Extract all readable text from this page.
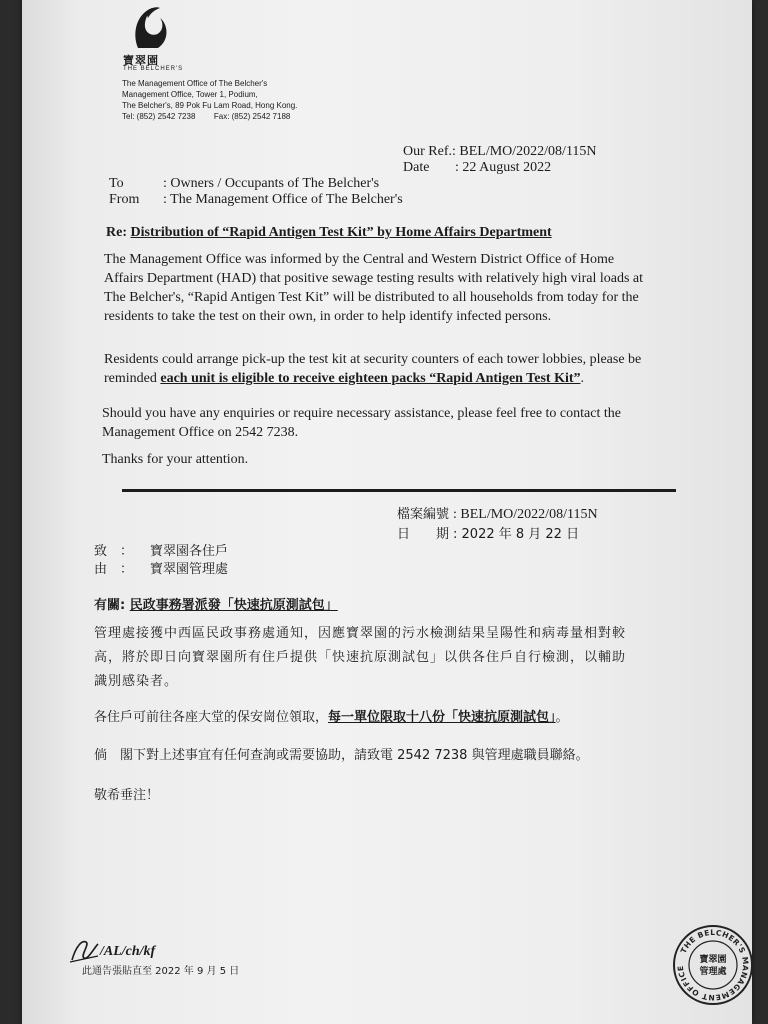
寶翠園
THE BELCHER'S
The Management Office of The Belcher's
Management Office, Tower 1, Podium,
The Belcher's, 89 Pok Fu Lam Road, Hong Kong.
Tel: (852) 2542 7238 Fax: (852) 2542 7188
Our Ref.: BEL/MO/2022/08/115N
Date : 22 August 2022
To	: Owners / Occupants of The Belcher's
From : The Management Office of The Belcher's
Re: Distribution of “Rapid Antigen Test Kit” by Home Affairs Department
The Management Office was informed by the Central and Western District Office of Home Affairs Department (HAD) that positive sewage testing results with relatively high viral loads at The Belcher's, “Rapid Antigen Test Kit” will be distributed to all households from today for the residents to take the test on their own, in order to help identify infected persons.
Residents could arrange pick-up the test kit at security counters of each tower lobbies, please be reminded each unit is eligible to receive eighteen packs “Rapid Antigen Test Kit”.
Should you have any enquiries or require necessary assistance, please feel free to contact the Management Office on 2542 7238.
Thanks for your attention.
檔案編號 : BEL/MO/2022/08/115N
日　　期 : 2022 年 8 月 22 日
致　： 寶翠園各住戶
由　： 寶翠園管理處
有關: 民政事務署派發「快速抗原測試包」
管理處接獲中西區民政事務處通知，因應寶翠園的污水檢測結果呈陽性和病毒量相對較高，將於即日向寶翠園所有住戶提供「快速抗原測試包」以供各住戶自行檢測，以輔助識別感染者。
各住戶可前往各座大堂的保安崗位領取，每一單位限取十八份「快速抗原測試包」。
倘　閣下對上述事宜有任何查詢或需要協助，請致電 2542 7238 與管理處職員聯絡。
敬希垂注！
/AL/ch/kf
此通告張貼直至 2022 年 9 月 5 日
THE BELCHER'S MANAGEMENT OFFICE
寶翠園
管理處
